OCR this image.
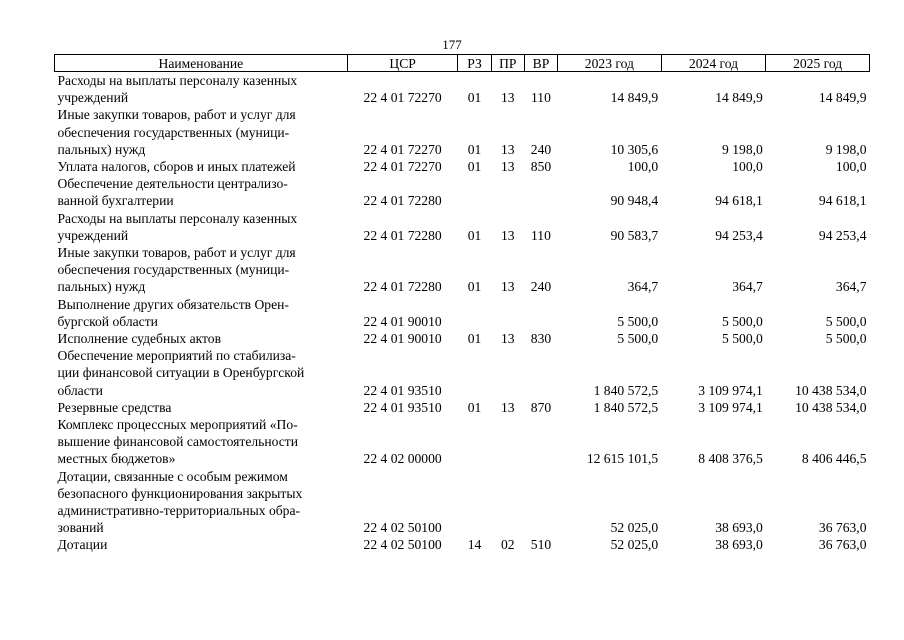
177
Наименование	ЦСР	РЗ	ПР	ВР	2023 год	2024 год	2025 год

Расходы на выплаты персоналу казенных
учреждений	22 4 01 72270	01	13	110	14 849,9	14 849,9	14 849,9

Иные закупки товаров, работ и услуг для
обеспечения государственных (муници-
пальных) нужд	22 4 01 72270	01	13	240	10 305,6	9 198,0	9 198,0

Уплата налогов, сборов и иных платежей	22 4 01 72270	01	13	850	100,0	100,0	100,0

Обеспечение деятельности централизо-
ванной бухгалтерии	22 4 01 72280				90 948,4	94 618,1	94 618,1

Расходы на выплаты персоналу казенных
учреждений	22 4 01 72280	01	13	110	90 583,7	94 253,4	94 253,4

Иные закупки товаров, работ и услуг для
обеспечения государственных (муници-
пальных) нужд	22 4 01 72280	01	13	240	364,7	364,7	364,7

Выполнение других обязательств Орен-
бургской области	22 4 01 90010				5 500,0	5 500,0	5 500,0

Исполнение судебных актов	22 4 01 90010	01	13	830	5 500,0	5 500,0	5 500,0

Обеспечение мероприятий по стабилиза-
ции финансовой ситуации в Оренбургской
области	22 4 01 93510				1 840 572,5	3 109 974,1	10 438 534,0

Резервные средства	22 4 01 93510	01	13	870	1 840 572,5	3 109 974,1	10 438 534,0

Комплекс процессных мероприятий «По-
вышение финансовой самостоятельности
местных бюджетов»	22 4 02 00000				12 615 101,5	8 408 376,5	8 406 446,5

Дотации, связанные с особым режимом
безопасного функционирования закрытых
административно-территориальных обра-
зований	22 4 02 50100				52 025,0	38 693,0	36 763,0

Дотации	22 4 02 50100	14	02	510	52 025,0	38 693,0	36 763,0
